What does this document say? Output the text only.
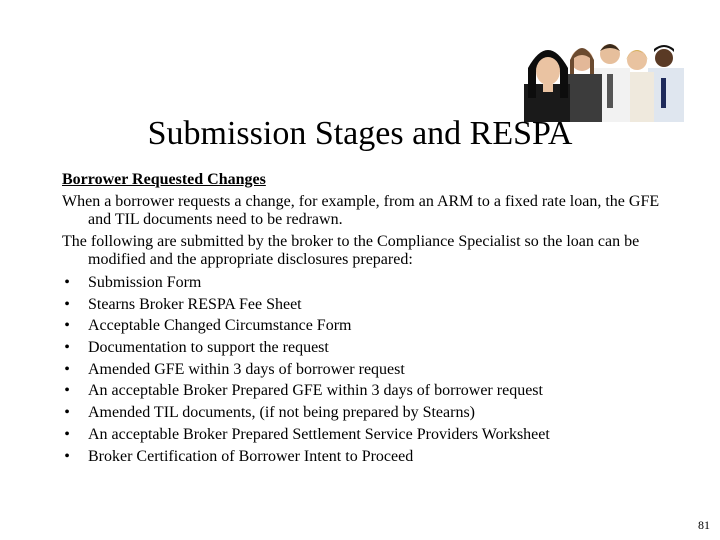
Submission Stages and RESPA

Borrower Requested Changes

When a borrower requests a change, for example, from an ARM to a fixed rate loan, the GFE and TIL documents need to be redrawn.

The following are submitted by the broker to the Compliance Specialist so the loan can be modified and the appropriate disclosures prepared:

• Submission Form
• Stearns Broker RESPA Fee Sheet
• Acceptable Changed Circumstance Form
• Documentation to support the request
• Amended GFE within 3 days of borrower request
• An acceptable Broker Prepared GFE within 3 days of borrower request
• Amended TIL documents, (if not being prepared by Stearns)
• An acceptable Broker Prepared Settlement Service Providers Worksheet
• Broker Certification of Borrower Intent to Proceed
81
